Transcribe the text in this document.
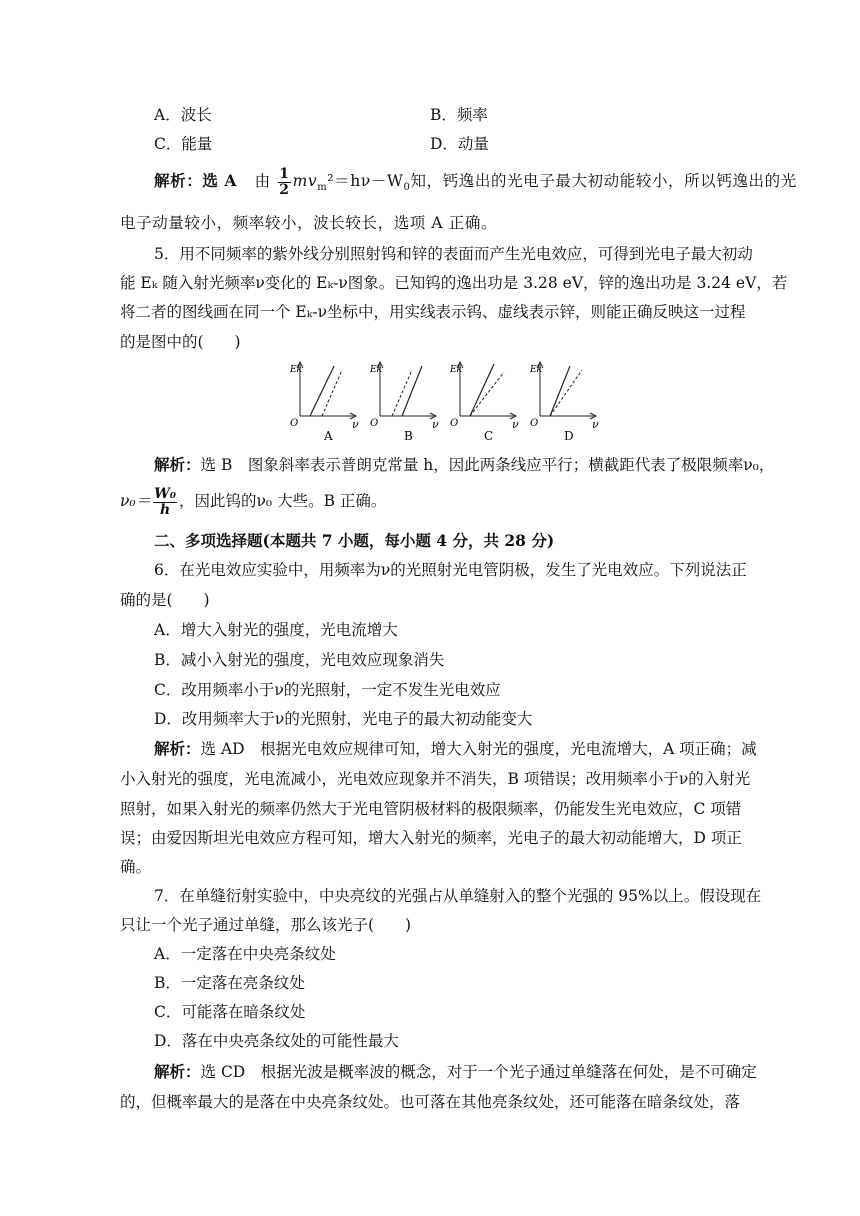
A．波长	B．频率
C．能量	D．动量
解析：选 A 由 $\frac{1}{2} mv_m^2=h\nu-W_0$知，钙逸出的光电子最大初动能较小，所以钙逸出的光
电子动量较小，频率较小，波长较长，选项 A 正确。
5．用不同频率的紫外线分别照射钨和锌的表面而产生光电效应，可得到光电子最大初动
能 Eₖ 随入射光频率ν变化的 Eₖ-ν图象。已知钨的逸出功是 3.28 eV，锌的逸出功是 3.24 eV，若
将二者的图线画在同一个 Eₖ-ν坐标中，用实线表示钨、虚线表示锌，则能正确反映这一过程
的是图中的(　　)
Ek
O	ν
A
Ek
O	ν
B
Ek
O	ν
C
Ek
O	ν
D
解析：选 B　图象斜率表示普朗克常量 h，因此两条线应平行；横截距代表了极限频率ν₀，
$\nu_0= \frac{\text{W₀}}{h}$ ，因此钨的ν₀ 大些。B 正确。
二、多项选择题(本题共 7 小题，每小题 4 分，共 28 分)
6．在光电效应实验中，用频率为ν的光照射光电管阴极，发生了光电效应。下列说法正
确的是(　　)
A．增大入射光的强度，光电流增大
B．减小入射光的强度，光电效应现象消失
C．改用频率小于ν的光照射，一定不发生光电效应
D．改用频率大于ν的光照射，光电子的最大初动能变大
解析：选 AD　根据光电效应规律可知，增大入射光的强度，光电流增大，A 项正确；减
小入射光的强度，光电流减小，光电效应现象并不消失，B 项错误；改用频率小于ν的入射光
照射，如果入射光的频率仍然大于光电管阴极材料的极限频率，仍能发生光电效应，C 项错
误；由爱因斯坦光电效应方程可知，增大入射光的频率，光电子的最大初动能增大，D 项正
确。
7．在单缝衍射实验中，中央亮纹的光强占从单缝射入的整个光强的 95%以上。假设现在
只让一个光子通过单缝，那么该光子(　　)
A．一定落在中央亮条纹处
B．一定落在亮条纹处
C．可能落在暗条纹处
D．落在中央亮条纹处的可能性最大
解析：选 CD　根据光波是概率波的概念，对于一个光子通过单缝落在何处，是不可确定
的，但概率最大的是落在中央亮条纹处。也可落在其他亮条纹处，还可能落在暗条纹处，落
